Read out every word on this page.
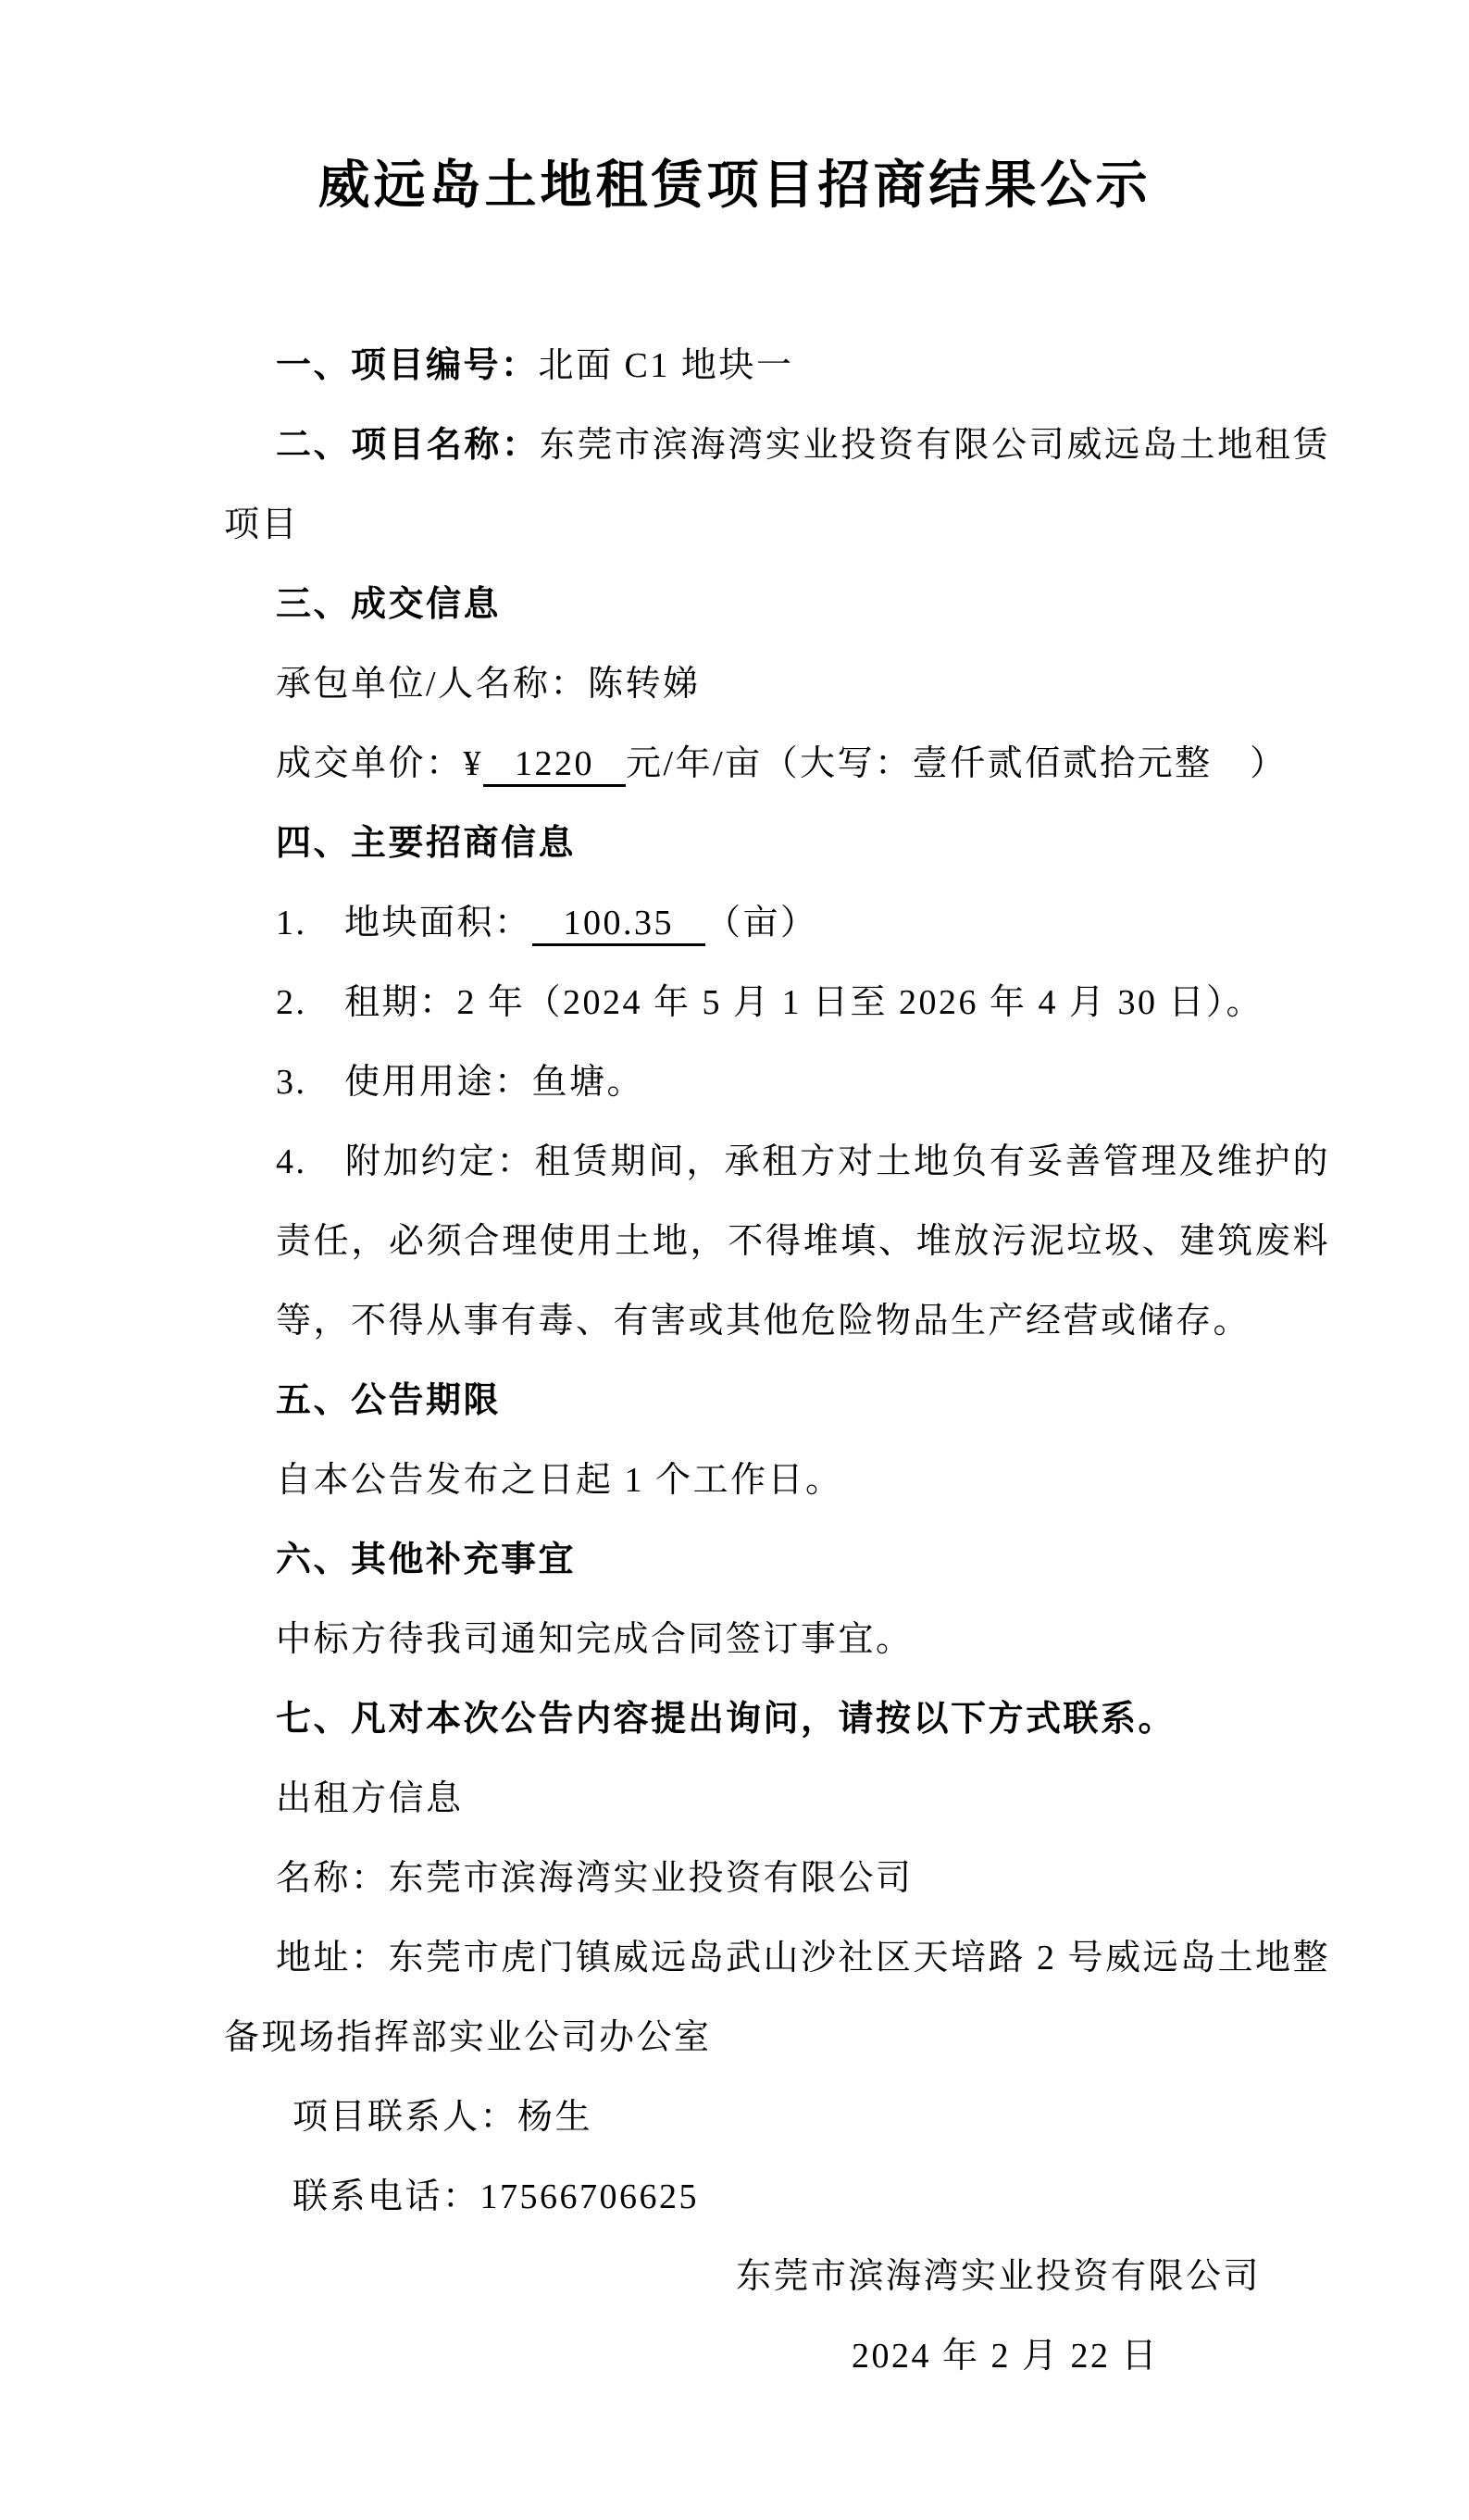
威远岛土地租赁项目招商结果公示
一、项目编号：北面 C1 地块一
二、项目名称：东莞市滨海湾实业投资有限公司威远岛土地租赁
项目
三、成交信息
承包单位/人名称：陈转娣
成交单价：¥ 1220 元/年/亩（大写：壹仟贰佰贰拾元整　）
四、主要招商信息
1.　地块面积： 100.35 （亩）
2.　租期：2 年（2024 年 5 月 1 日至 2026 年 4 月 30 日）。
3.　使用用途：鱼塘。
4.　附加约定：租赁期间，承租方对土地负有妥善管理及维护的
责任，必须合理使用土地，不得堆填、堆放污泥垃圾、建筑废料
等，不得从事有毒、有害或其他危险物品生产经营或储存。
五、公告期限
自本公告发布之日起 1 个工作日。
六、其他补充事宜
中标方待我司通知完成合同签订事宜。
七、凡对本次公告内容提出询问，请按以下方式联系。
出租方信息
名称：东莞市滨海湾实业投资有限公司
地址：东莞市虎门镇威远岛武山沙社区天培路 2 号威远岛土地整
备现场指挥部实业公司办公室
项目联系人：杨生
联系电话：17566706625
东莞市滨海湾实业投资有限公司
2024 年 2 月 22 日
